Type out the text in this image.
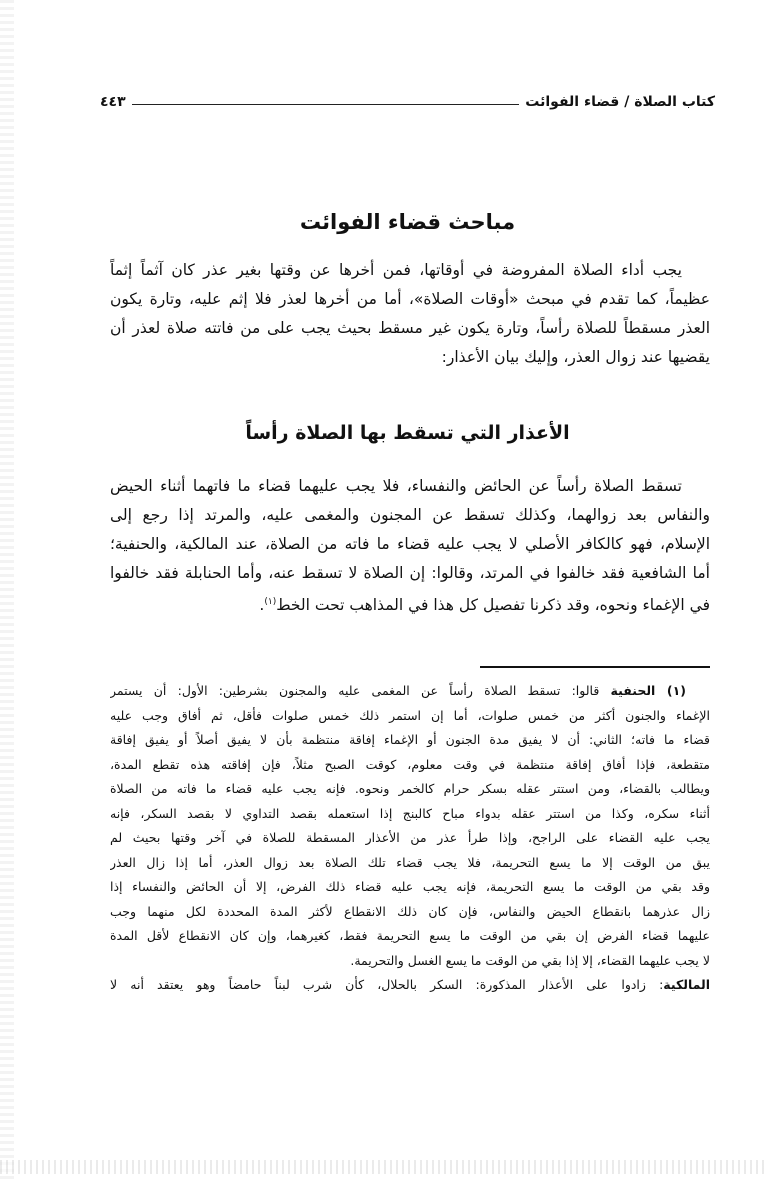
كتاب الصلاة / قضاء الفوائت
٤٤٣
مباحث قضاء الفوائت
يجب أداء الصلاة المفروضة في أوقاتها، فمن أخرها عن وقتها بغير عذر كان آثماً إثماً
عظيماً، كما تقدم في مبحث «أوقات الصلاة»، أما من أخرها لعذر فلا إثم عليه، وتارة يكون
العذر مسقطاً للصلاة رأساً، وتارة يكون غير مسقط بحيث يجب على من فاتته صلاة لعذر أن
يقضيها عند زوال العذر، وإليك بيان الأعذار:
الأعذار التي تسقط بها الصلاة رأساً
تسقط الصلاة رأساً عن الحائض والنفساء، فلا يجب عليهما قضاء ما فاتهما أثناء الحيض
والنفاس بعد زوالهما، وكذلك تسقط عن المجنون والمغمى عليه، والمرتد إذا رجع إلى
الإسلام، فهو كالكافر الأصلي لا يجب عليه قضاء ما فاته من الصلاة، عند المالكية، والحنفية؛
أما الشافعية فقد خالفوا في المرتد، وقالوا: إن الصلاة لا تسقط عنه، وأما الحنابلة فقد خالفوا
في الإغماء ونحوه، وقد ذكرنا تفصيل كل هذا في المذاهب تحت الخط$^{(١)}$.
(١) الحنفية قالوا: تسقط الصلاة رأساً عن المغمى عليه والمجنون بشرطين: الأول: أن يستمر
الإغماء والجنون أكثر من خمس صلوات، أما إن استمر ذلك خمس صلوات فأقل، ثم أفاق وجب عليه
قضاء ما فاته؛ الثاني: أن لا يفيق مدة الجنون أو الإغماء إفاقة منتظمة بأن لا يفيق أصلاً أو يفيق إفاقة
متقطعة، فإذا أفاق إفاقة منتظمة في وقت معلوم، كوقت الصبح مثلاً، فإن إفاقته هذه تقطع المدة،
ويطالب بالقضاء، ومن استتر عقله بسكر حرام كالخمر ونحوه. فإنه يجب عليه قضاء ما فاته من الصلاة
أثناء سكره، وكذا من استتر عقله بدواء مباح كالبنج إذا استعمله بقصد التداوي لا بقصد السكر، فإنه
يجب عليه القضاء على الراجح، وإذا طرأ عذر من الأعذار المسقطة للصلاة في آخر وقتها بحيث لم
يبق من الوقت إلا ما يسع التحريمة، فلا يجب قضاء تلك الصلاة بعد زوال العذر، أما إذا زال العذر
وقد بقي من الوقت ما يسع التحريمة، فإنه يجب عليه قضاء ذلك الفرض، إلا أن الحائض والنفساء إذا
زال عذرهما بانقطاع الحيض والنفاس، فإن كان ذلك الانقطاع لأكثر المدة المحددة لكل منهما وجب
عليهما قضاء الفرض إن بقي من الوقت ما يسع التحريمة فقط، كغيرهما، وإن كان الانقطاع لأقل المدة
لا يجب عليهما القضاء، إلا إذا بقي من الوقت ما يسع الغسل والتحريمة.
المالكية: زادوا على الأعذار المذكورة: السكر بالحلال، كأن شرب لبناً حامضاً وهو يعتقد أنه لا
